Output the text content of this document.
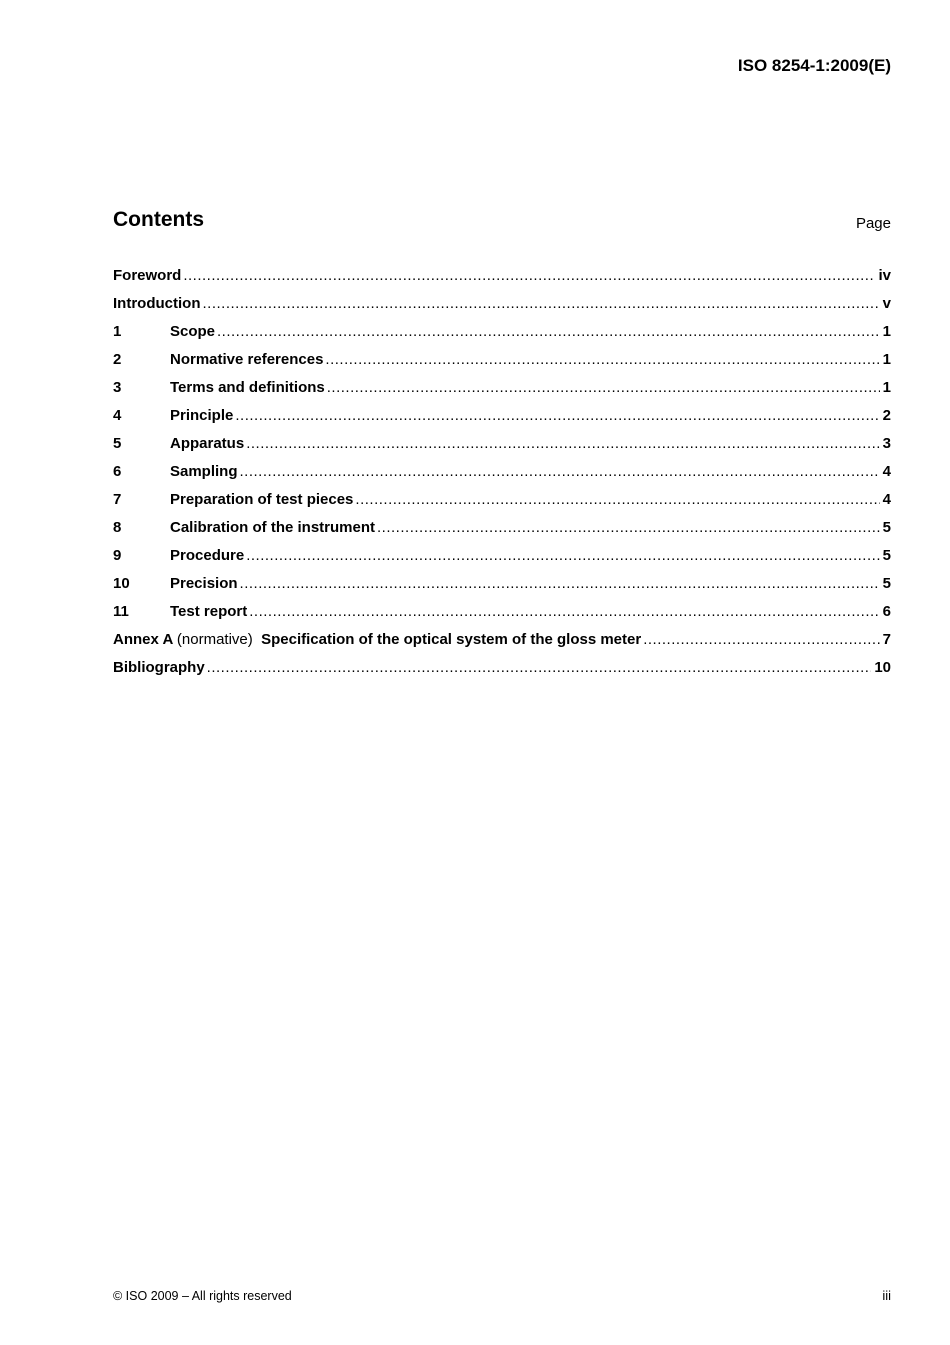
ISO 8254-1:2009(E)
Contents	Page
Foreword .....	iv
Introduction .....	v
1	Scope .....	1
2	Normative references .....	1
3	Terms and definitions .....	1
4	Principle .....	2
5	Apparatus .....	3
6	Sampling .....	4
7	Preparation of test pieces .....	4
8	Calibration of the instrument .....	5
9	Procedure .....	5
10	Precision .....	5
11	Test report .....	6
Annex A (normative) Specification of the optical system of the gloss meter .....	7
Bibliography .....	10
© ISO 2009 – All rights reserved	iii
